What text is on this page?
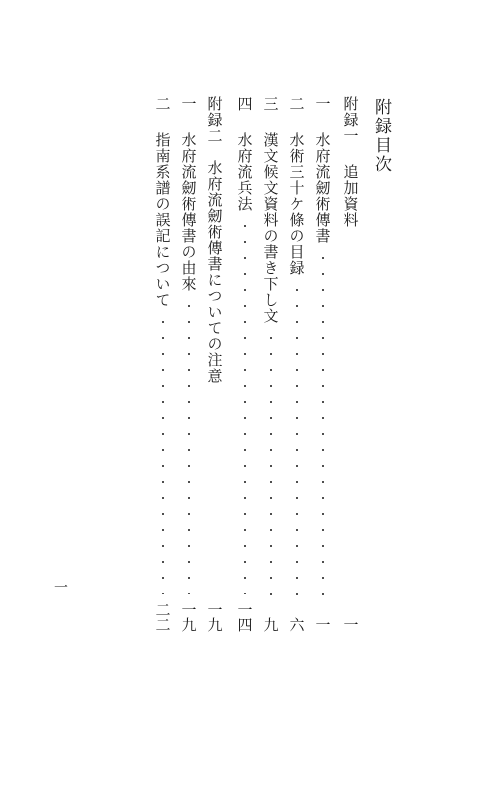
附録目次
附録一
追加資料
一
一
水府流劒術傳書
一
二
水術三十ケ條の目録
六
三
漢文候文資料の書き下し文
九
四
水府流兵法
一四
附録二
水府流劒術傳書についての注意
一九
一
水府流劒術傳書の由來
一九
二
指南系譜の誤記について
二二
一
